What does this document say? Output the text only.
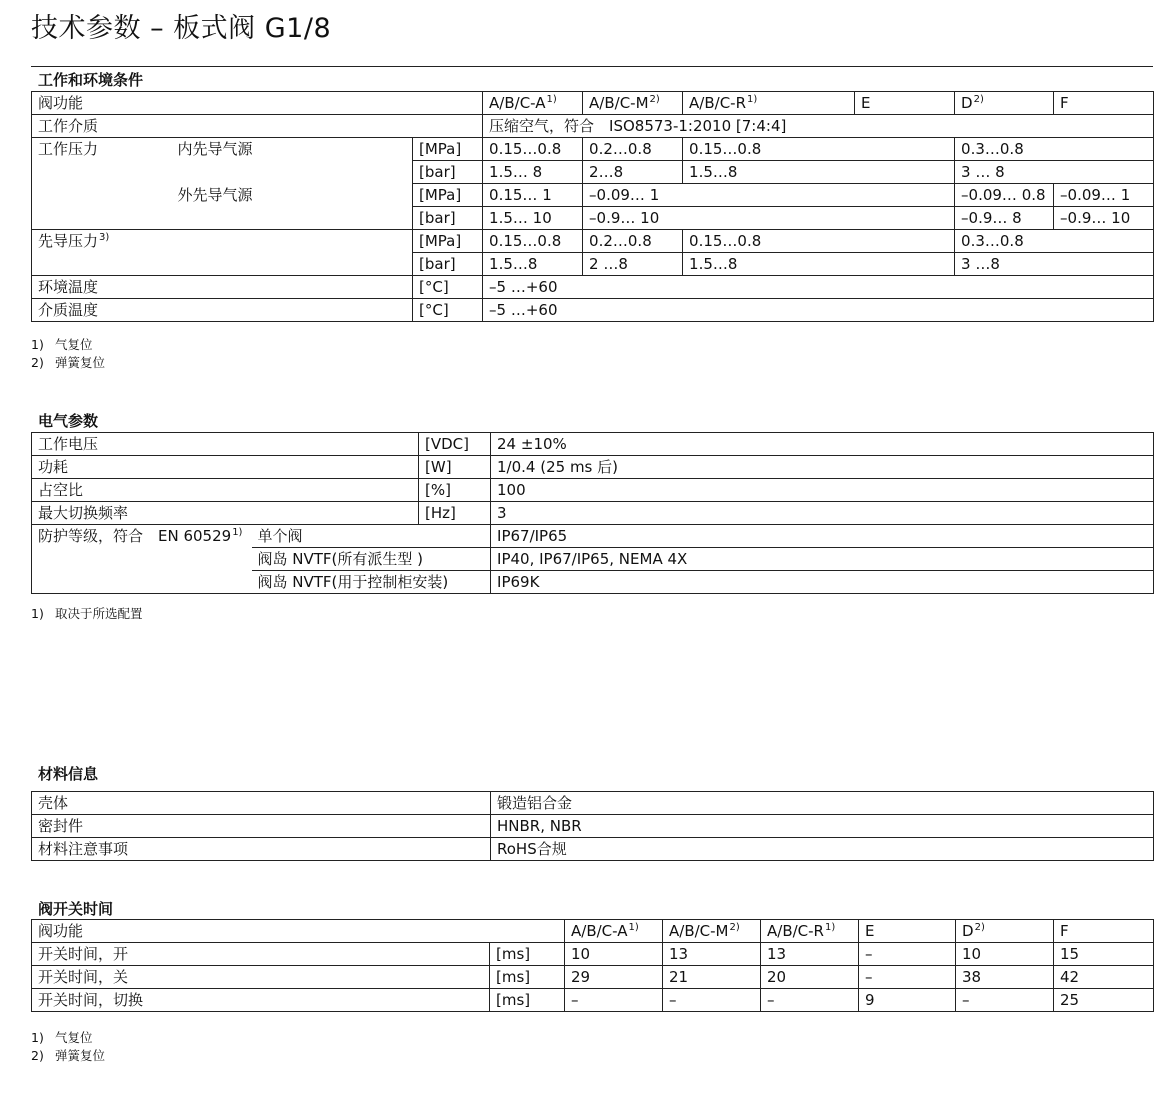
技术参数 – 板式阀 G1/8
工作和环境条件
阀功能			$A/B/C-A^{1)}$	$A/B/C-M^{2)}$	$A/B/C-R^{1)}$	E	$D^{2)}$	F
工作介质			压缩空气，符合　ISO8573-1:2010 [7:4:4]					
工作压力	内先导气源	[MPa]	0.15…0.8	0.2…0.8	0.15…0.8		0.3…0.8	
		[bar]	1.5… 8	2…8	1.5…8		3 … 8	
	外先导气源	[MPa]	0.15… 1	–0.09… 1			–0.09… 0.8	–0.09… 1
		[bar]	1.5… 10	–0.9… 10			–0.9… 8	–0.9… 10
先导压力$^{3)}$		[MPa]	0.15…0.8	0.2…0.8	0.15…0.8		0.3…0.8	
		[bar]	1.5…8	2 …8	1.5…8		3 …8	
环境温度		[°C]	–5 …+60					
介质温度		[°C]	–5 …+60					
1) 气复位
2) 弹簧复位
电气参数
工作电压		[VDC]	24 ±10%
功耗		[W]	1/0.4 (25 ms 后)
占空比		[%]	100
最大切换频率		[Hz]	3
防护等级，符合　EN 60529$^{1)}$	单个阀		IP67/IP65
	阀岛 NVTF(所有派生型 )		IP40, IP67/IP65, NEMA 4X
	阀岛 NVTF(用于控制柜安装)		IP69K
1) 取决于所选配置
材料信息
壳体	锻造铝合金
密封件	HNBR, NBR
材料注意事项	RoHS合规
阀开关时间
阀功能		$A/B/C-A^{1)}$	$A/B/C-M^{2)}$	$A/B/C-R^{1)}$	E	$D^{2)}$	F
开关时间，开	[ms]	10	13	13	–	10	15
开关时间，关	[ms]	29	21	20	–	38	42
开关时间，切换	[ms]	–	–	–	9	–	25
1) 气复位
2) 弹簧复位
